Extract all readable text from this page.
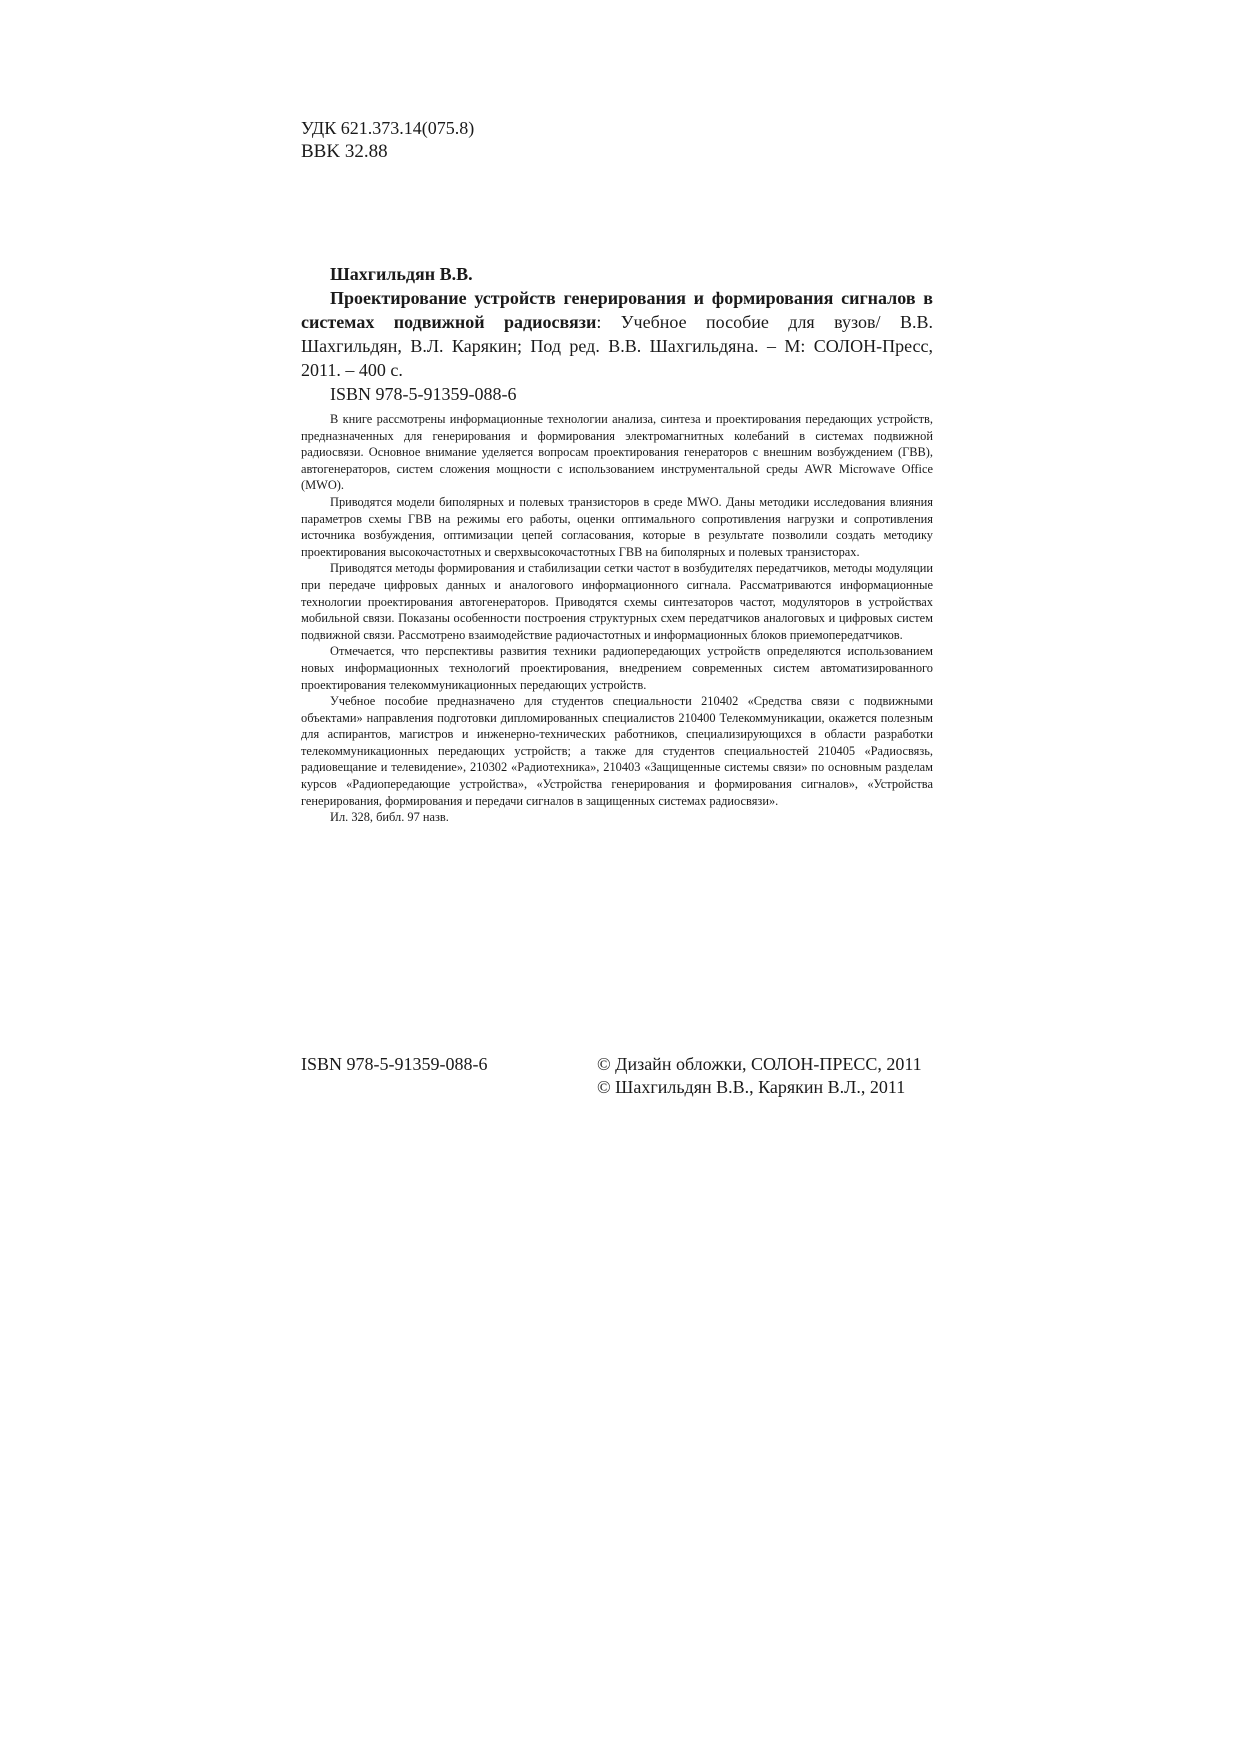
УДК 621.373.14(075.8)
BBK 32.88

Шахгильдян В.В.

Проектирование устройств генерирования и формирования сигналов в системах подвижной радиосвязи: Учебное пособие для вузов/ В.В. Шахгильдян, В.Л. Карякин; Под ред. В.В. Шахгильдяна. – М: СОЛОН-Пресс, 2011. – 400 с.

ISBN 978-5-91359-088-6

В книге рассмотрены информационные технологии анализа, синтеза и проектирования передающих устройств, предназначенных для генерирования и формирования электромагнитных колебаний в системах подвижной радиосвязи. Основное внимание уделяется вопросам проектирования генераторов с внешним возбуждением (ГВВ), автогенераторов, систем сложения мощности с использованием инструментальной среды AWR Microwave Office (MWO).

Приводятся модели биполярных и полевых транзисторов в среде MWO. Даны методики исследования влияния параметров схемы ГВВ на режимы его работы, оценки оптимального сопротивления нагрузки и сопротивления источника возбуждения, оптимизации цепей согласования, которые в результате позволили создать методику проектирования высокочастотных и сверхвысокочастотных ГВВ на биполярных и полевых транзисторах.

Приводятся методы формирования и стабилизации сетки частот в возбудителях передатчиков, методы модуляции при передаче цифровых данных и аналогового информационного сигнала. Рассматриваются информационные технологии проектирования автогенераторов. Приводятся схемы синтезаторов частот, модуляторов в устройствах мобильной связи. Показаны особенности построения структурных схем передатчиков аналоговых и цифровых систем подвижной связи. Рассмотрено взаимодействие радиочастотных и информационных блоков приемопередатчиков.

Отмечается, что перспективы развития техники радиопередающих устройств определяются использованием новых информационных технологий проектирования, внедрением современных систем автоматизированного проектирования телекоммуникационных передающих устройств.

Учебное пособие предназначено для студентов специальности 210402 «Средства связи с подвижными объектами» направления подготовки дипломированных специалистов 210400 Телекоммуникации, окажется полезным для аспирантов, магистров и инженерно-технических работников, специализирующихся в области разработки телекоммуникационных передающих устройств; а также для студентов специальностей 210405 «Радиосвязь, радиовещание и телевидение», 210302 «Радиотехника», 210403 «Защищенные системы связи» по основным разделам курсов «Радиопередающие устройства», «Устройства генерирования и формирования сигналов», «Устройства генерирования, формирования и передачи сигналов в защищенных системах радиосвязи».

Ил. 328, библ. 97 назв.

ISBN 978-5-91359-088-6	© Дизайн обложки, СОЛОН-ПРЕСС, 2011
© Шахгильдян В.В., Карякин В.Л., 2011
